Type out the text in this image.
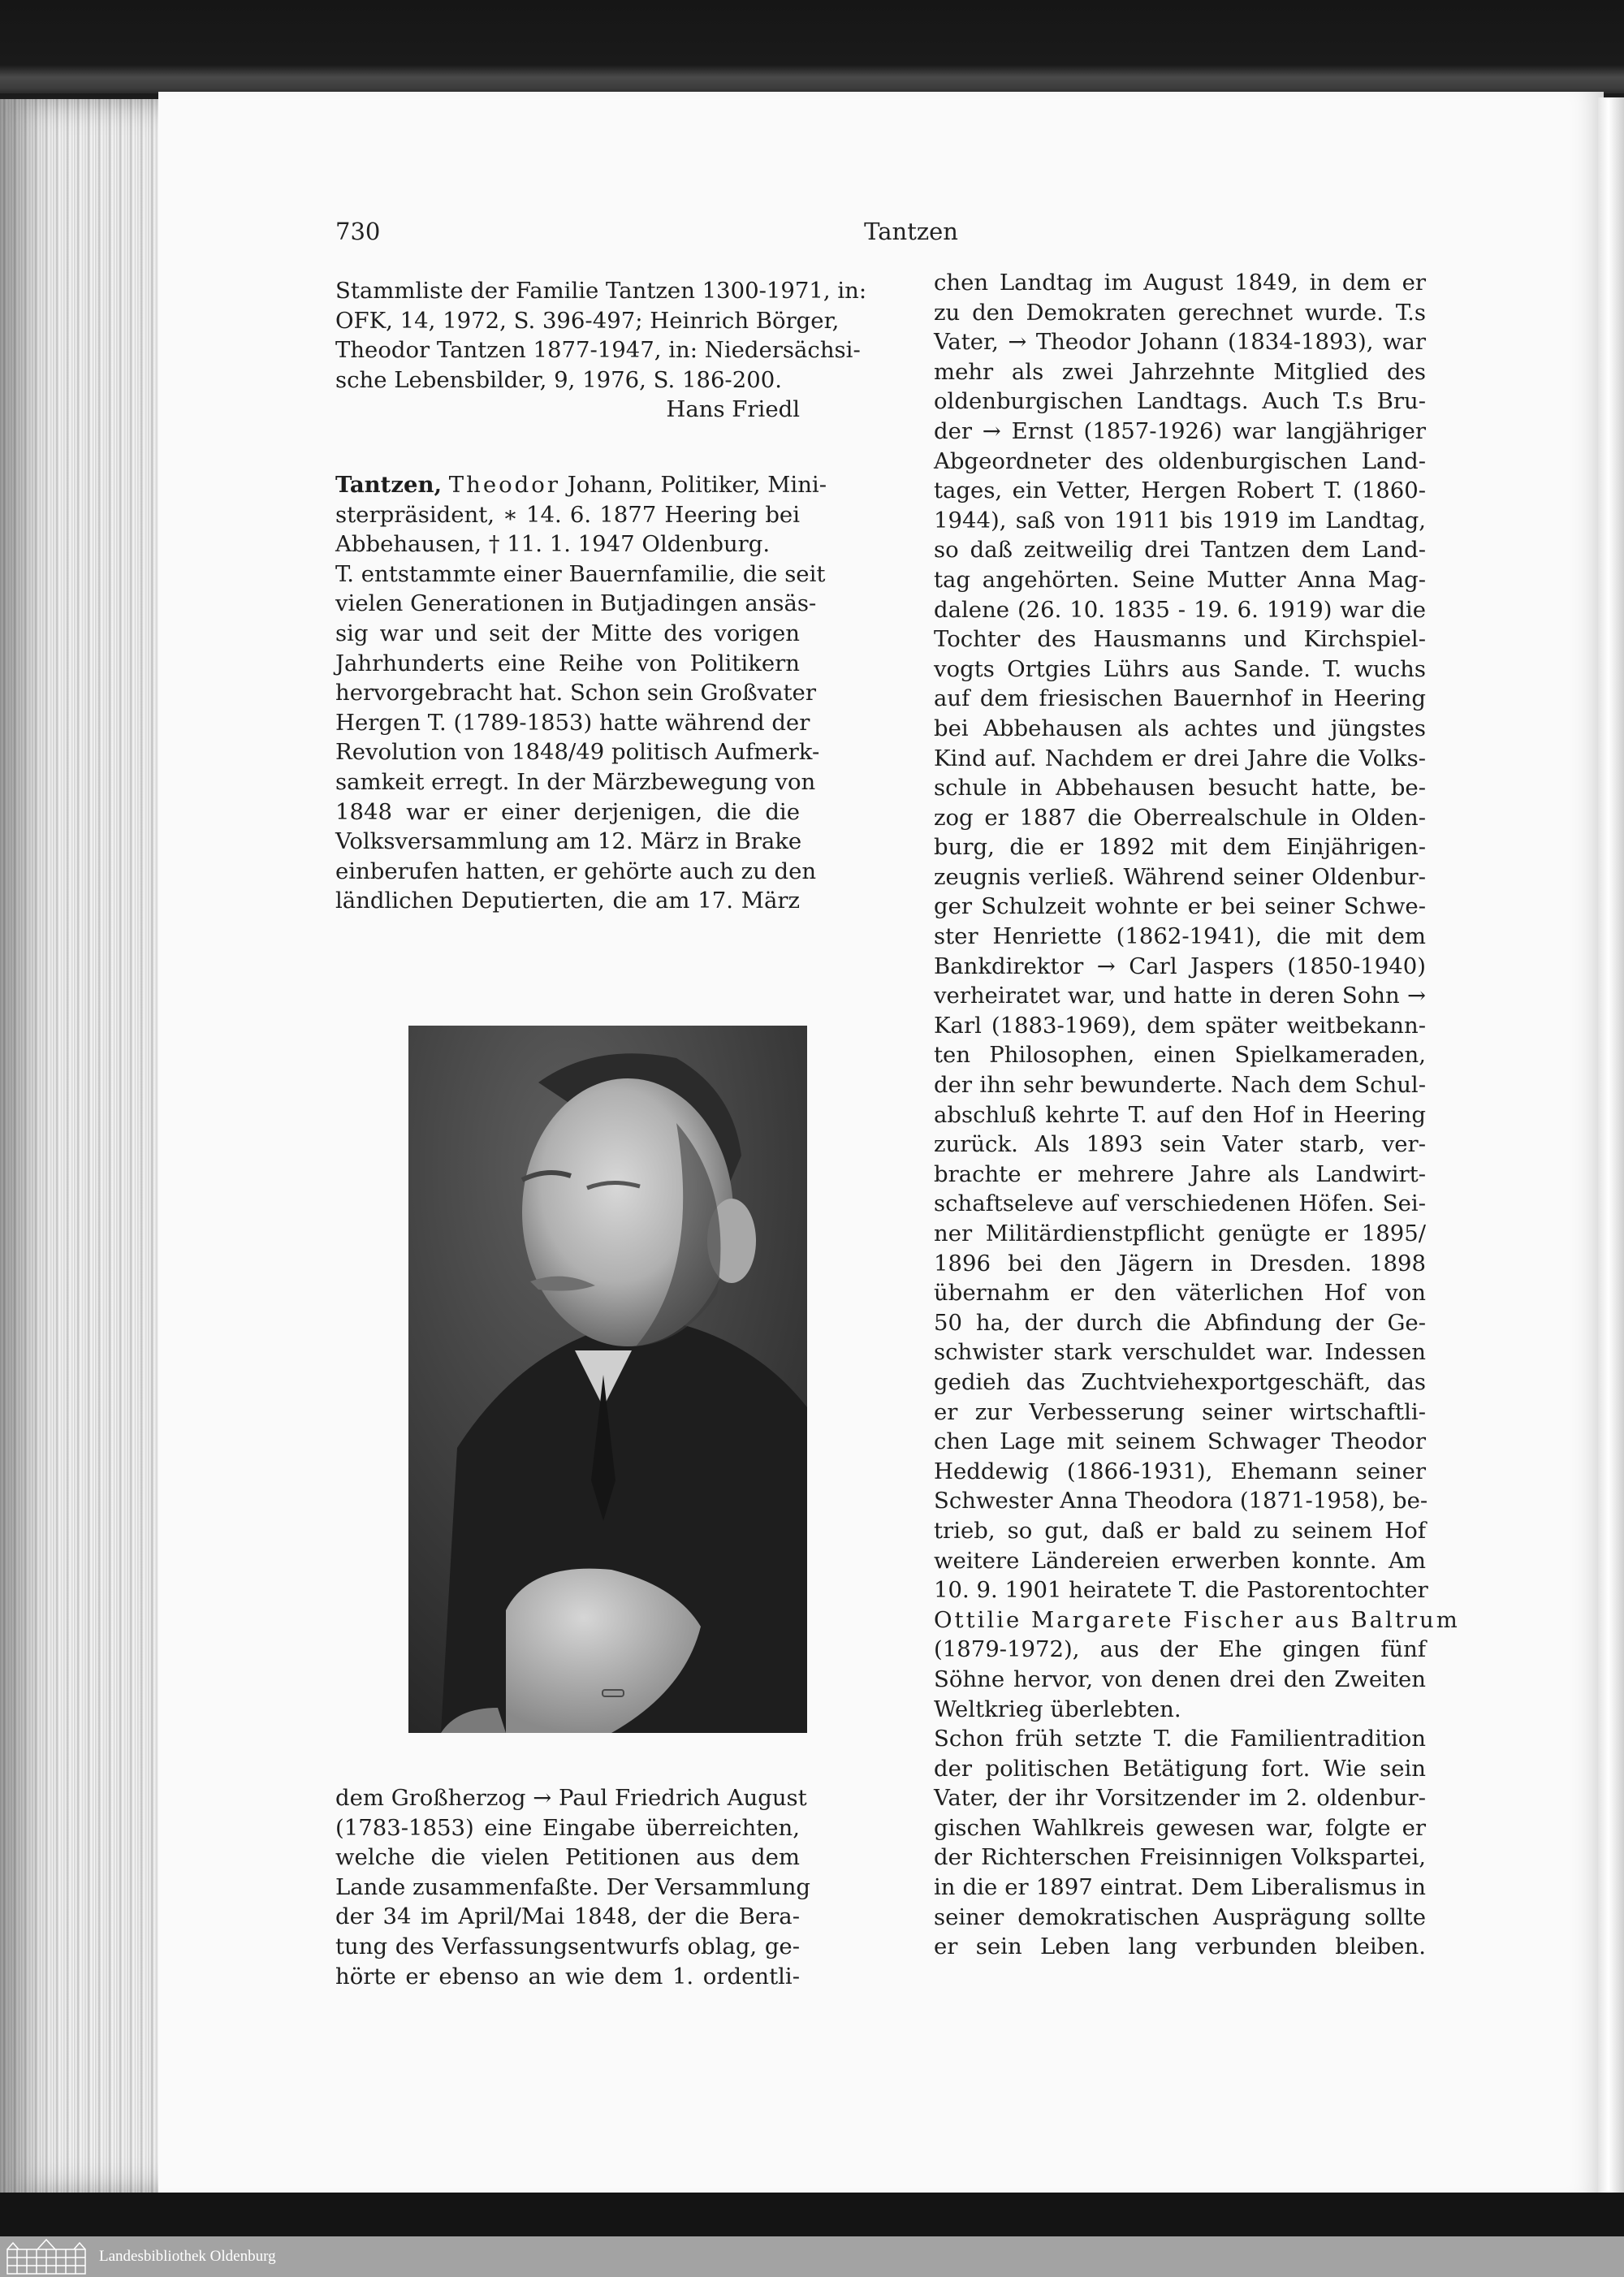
730	Tantzen
Stammliste der Familie Tantzen 1300-1971, in:
OFK, 14, 1972, S. 396-497; Heinrich Börger,
Theodor Tantzen 1877-1947, in: Niedersächsi-
sche Lebensbilder, 9, 1976, S. 186-200.
Hans Friedl
Tantzen, Theodor Johann, Politiker, Mini-
sterpräsident, ∗ 14. 6. 1877 Heering bei
Abbehausen, † 11. 1. 1947 Oldenburg.
T. entstammte einer Bauernfamilie, die seit
vielen Generationen in Butjadingen ansäs-
sig war und seit der Mitte des vorigen
Jahrhunderts eine Reihe von Politikern
hervorgebracht hat. Schon sein Großvater
Hergen T. (1789-1853) hatte während der
Revolution von 1848/49 politisch Aufmerk-
samkeit erregt. In der Märzbewegung von
1848 war er einer derjenigen, die die
Volksversammlung am 12. März in Brake
einberufen hatten, er gehörte auch zu den
ländlichen Deputierten, die am 17. März
dem Großherzog → Paul Friedrich August
(1783-1853) eine Eingabe überreichten,
welche die vielen Petitionen aus dem
Lande zusammenfaßte. Der Versammlung
der 34 im April/Mai 1848, der die Bera-
tung des Verfassungsentwurfs oblag, ge-
hörte er ebenso an wie dem 1. ordentli-
chen Landtag im August 1849, in dem er
zu den Demokraten gerechnet wurde. T.s
Vater, → Theodor Johann (1834-1893), war
mehr als zwei Jahrzehnte Mitglied des
oldenburgischen Landtags. Auch T.s Bru-
der → Ernst (1857-1926) war langjähriger
Abgeordneter des oldenburgischen Land-
tages, ein Vetter, Hergen Robert T. (1860-
1944), saß von 1911 bis 1919 im Landtag,
so daß zeitweilig drei Tantzen dem Land-
tag angehörten. Seine Mutter Anna Mag-
dalene (26. 10. 1835 - 19. 6. 1919) war die
Tochter des Hausmanns und Kirchspiel-
vogts Ortgies Lührs aus Sande. T. wuchs
auf dem friesischen Bauernhof in Heering
bei Abbehausen als achtes und jüngstes
Kind auf. Nachdem er drei Jahre die Volks-
schule in Abbehausen besucht hatte, be-
zog er 1887 die Oberrealschule in Olden-
burg, die er 1892 mit dem Einjährigen-
zeugnis verließ. Während seiner Oldenbur-
ger Schulzeit wohnte er bei seiner Schwe-
ster Henriette (1862-1941), die mit dem
Bankdirektor → Carl Jaspers (1850-1940)
verheiratet war, und hatte in deren Sohn →
Karl (1883-1969), dem später weitbekann-
ten Philosophen, einen Spielkameraden,
der ihn sehr bewunderte. Nach dem Schul-
abschluß kehrte T. auf den Hof in Heering
zurück. Als 1893 sein Vater starb, ver-
brachte er mehrere Jahre als Landwirt-
schaftseleve auf verschiedenen Höfen. Sei-
ner Militärdienstpflicht genügte er 1895/
1896 bei den Jägern in Dresden. 1898
übernahm er den väterlichen Hof von
50 ha, der durch die Abfindung der Ge-
schwister stark verschuldet war. Indessen
gedieh das Zuchtviehexportgeschäft, das
er zur Verbesserung seiner wirtschaftli-
chen Lage mit seinem Schwager Theodor
Heddewig (1866-1931), Ehemann seiner
Schwester Anna Theodora (1871-1958), be-
trieb, so gut, daß er bald zu seinem Hof
weitere Ländereien erwerben konnte. Am
10. 9. 1901 heiratete T. die Pastorentochter
Ottilie Margarete Fischer aus Baltrum
(1879-1972), aus der Ehe gingen fünf
Söhne hervor, von denen drei den Zweiten
Weltkrieg überlebten.
Schon früh setzte T. die Familientradition
der politischen Betätigung fort. Wie sein
Vater, der ihr Vorsitzender im 2. oldenbur-
gischen Wahlkreis gewesen war, folgte er
der Richterschen Freisinnigen Volkspartei,
in die er 1897 eintrat. Dem Liberalismus in
seiner demokratischen Ausprägung sollte
er sein Leben lang verbunden bleiben.
Landesbibliothek Oldenburg
